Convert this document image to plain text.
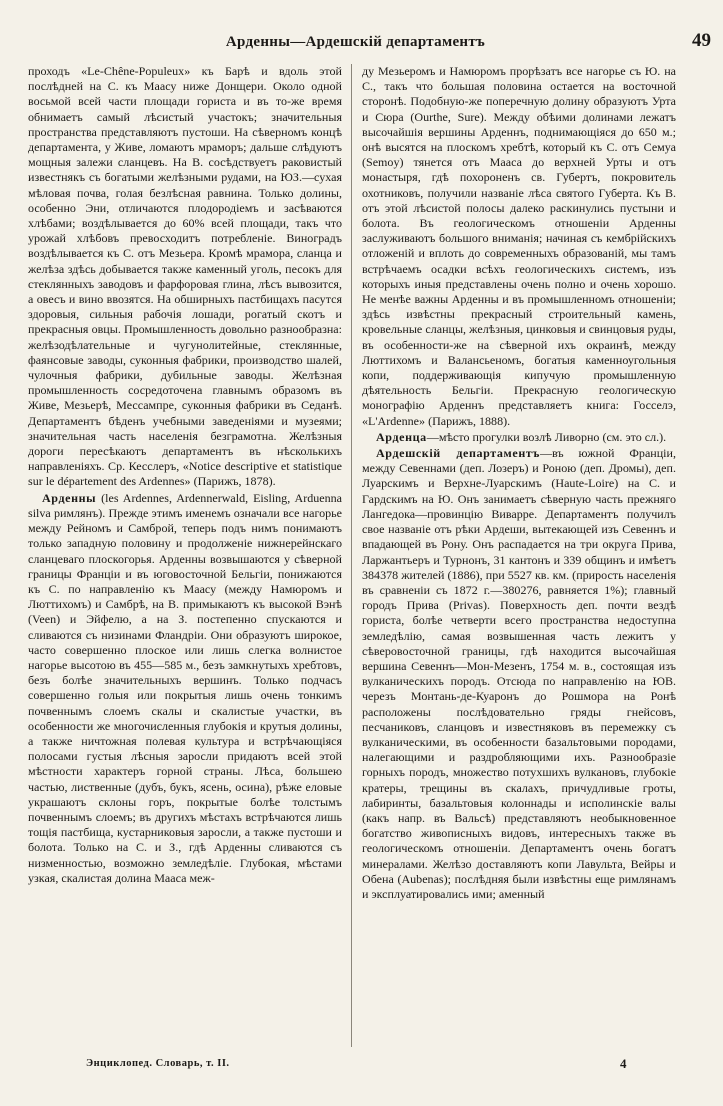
Арденны—Ардешскій департаментъ	49

проходъ «Le-Chêne-Populeux» къ Барѣ и вдоль этой послѣдней на С. къ Маасу ниже Донщери. Около одной восьмой всей части площади гориста и въ то-же время обнимаетъ самый лѣсистый участокъ; значительныя пространства представляютъ пустоши. На сѣверномъ концѣ департамента, у Живе, ломаютъ мраморъ; дальше слѣдуютъ мощныя залежи сланцевъ. На В. сосѣдствуетъ раковистый известнякъ съ богатыми желѣзными рудами, на ЮЗ.—сухая мѣловая почва, голая безлѣсная равнина. Только долины, особенно Эни, отличаются плодородіемъ и засѣваются хлѣбами; воздѣлывается до 60% всей площади, такъ что урожай хлѣбовъ превосходитъ потребленіе. Виноградъ воздѣлывается къ С. отъ Мезьера. Кромѣ мрамора, сланца и желѣза здѣсь добывается также каменный уголь, песокъ для стеклянныхъ заводовъ и фарфоровая глина, лѣсъ вывозится, а овесъ и вино ввозятся. На обширныхъ пастбищахъ пасутся здоровыя, сильныя рабочія лошади, рогатый скотъ и прекрасныя овцы. Промышленность довольно разнообразна: желѣзодѣлательные и чугунолитейные, стеклянные, фаянсовые заводы, суконныя фабрики, производство шалей, чулочныя фабрики, дубильные заводы. Желѣзная промышленность сосредоточена главнымъ образомъ въ Живе, Мезьерѣ, Мессампре, суконныя фабрики въ Седанѣ. Департаментъ бѣденъ учебными заведеніями и музеями; значительная часть населенія безграмотна. Желѣзныя дороги пересѣкаютъ департаментъ въ нѣсколькихъ направленіяхъ. Ср. Кесслеръ, «Notice descriptive et statistique sur le département des Ardennes» (Парижъ, 1878).

Арденны (les Ardennes, Ardennerwald, Eisling, Arduenna silva римлянъ). Прежде этимъ именемъ означали все нагорье между Рейномъ и Самброй, теперь подъ нимъ понимаютъ только западную половину и продолженіе нижнерейнскаго сланцеваго плоскогорья. Арденны возвышаются у сѣверной границы Франціи и въ юговосточной Бельгіи, понижаются къ С. по направленію къ Маасу (между Намюромъ и Люттихомъ) и Самбрѣ, на В. примыкаютъ къ высокой Вэнѣ (Veen) и Эйфелю, а на З. постепенно спускаются и сливаются съ низинами Фландріи. Они образуютъ широкое, часто совершенно плоское или лишь слегка волнистое нагорье высотою въ 455—585 м., безъ замкнутыхъ хребтовъ, безъ болѣе значительныхъ вершинъ. Только подчасъ совершенно голыя или покрытыя лишь очень тонкимъ почвеннымъ слоемъ скалы и скалистые участки, въ особенности же многочисленныя глубокія и крутыя долины, а также ничтожная полевая культура и встрѣчающіяся полосами густыя лѣсныя заросли придаютъ всей этой мѣстности характеръ горной страны. Лѣса, большею частью, лиственные (дубъ, букъ, ясень, осина), рѣже еловые украшаютъ склоны горъ, покрытые болѣе толстымъ почвеннымъ слоемъ; въ другихъ мѣстахъ встрѣчаются лишь тощія пастбища, кустарниковыя заросли, а также пустоши и болота. Только на С. и З., гдѣ Арденны сливаются съ низменностью, возможно земледѣліе. Глубокая, мѣстами узкая, скалистая долина Мааса меж-

ду Мезьеромъ и Намюромъ прорѣзатъ все нагорье съ Ю. на С., такъ что большая половина остается на восточной сторонѣ. Подобную-же поперечную долину образуютъ Урта и Сюра (Ourthe, Sure). Между обѣими долинами лежатъ высочайшія вершины Арденнъ, поднимающіяся до 650 м.; онѣ высятся на плоскомъ хребтѣ, который къ С. отъ Семуа (Semoy) тянется отъ Мааса до верхней Урты и отъ монастыря, гдѣ похороненъ св. Губертъ, покровитель охотниковъ, получили названіе лѣса святого Губерта. Къ В. отъ этой лѣсистой полосы далеко раскинулись пустыни и болота. Въ геологическомъ отношеніи Арденны заслуживаютъ большого вниманія; начиная съ кембрійскихъ отложеній и вплоть до современныхъ образованій, мы тамъ встрѣчаемъ осадки всѣхъ геологическихъ системъ, изъ которыхъ иныя представлены очень полно и очень хорошо. Не менѣе важны Арденны и въ промышленномъ отношеніи; здѣсь извѣстны прекрасный строительный камень, кровельные сланцы, желѣзныя, цинковыя и свинцовыя руды, въ особенности-же на сѣверной ихъ окраинѣ, между Люттихомъ и Валансьеномъ, богатыя каменноугольныя копи, поддерживающія кипучую промышленную дѣятельность Бельгіи. Прекрасную геологическую монографію Арденнъ представляетъ книга: Госселэ, «L'Ardenne» (Парижъ, 1888).

Арденца—мѣсто прогулки возлѣ Ливорно (см. это сл.).

Ардешскій департаментъ—въ южной Франціи, между Севеннами (деп. Лозеръ) и Роною (деп. Дромы), деп. Луарскимъ и Верхне-Луарскимъ (Haute-Loire) на С. и Гардскимъ на Ю. Онъ занимаетъ сѣверную часть прежняго Лангедока—провинцію Виварре. Департаментъ получилъ свое названіе отъ рѣки Ардеши, вытекающей изъ Севеннъ и впадающей въ Рону. Онъ распадается на три округа Прива, Ларжантьеръ и Турнонъ, 31 кантонъ и 339 общинъ и имѣетъ 384378 жителей (1886), при 5527 кв. км. (прирость населенія въ сравненіи съ 1872 г.—380276, равняется 1%); главный городъ Прива (Privas). Поверхность деп. почти вездѣ гориста, болѣе четверти всего пространства недоступна земледѣлію, самая возвышенная часть лежитъ у сѣверовосточной границы, гдѣ находится высочайшая вершина Севеннъ—Мон-Мезенъ, 1754 м. в., состоящая изъ вулканическихъ породъ. Отсюда по направленію на ЮВ. черезъ Монтань-де-Куаронъ до Рошмора на Ронѣ расположены послѣдовательно гряды гнейсовъ, песчаниковъ, сланцовъ и известняковъ въ перемежку съ вулканическими, въ особенности базальтовыми породами, налегающими и раздробляющими ихъ. Разнообразіе горныхъ породъ, множество потухшихъ вулкановъ, глубокіе кратеры, трещины въ скалахъ, причудливые гроты, лабиринты, базальтовыя колоннады и исполинскіе валы (какъ напр. въ Вальсѣ) представляютъ необыкновенное богатство живописныхъ видовъ, интересныхъ также въ геологическомъ отношеніи. Департаментъ очень богатъ минералами. Желѣзо доставляютъ копи Лавульта, Вейры и Обена (Aubenas); послѣдняя были извѣстны еще римлянамъ и эксплуатировались ими; аменный

Энциклопед. Словарь, т. II.	4
